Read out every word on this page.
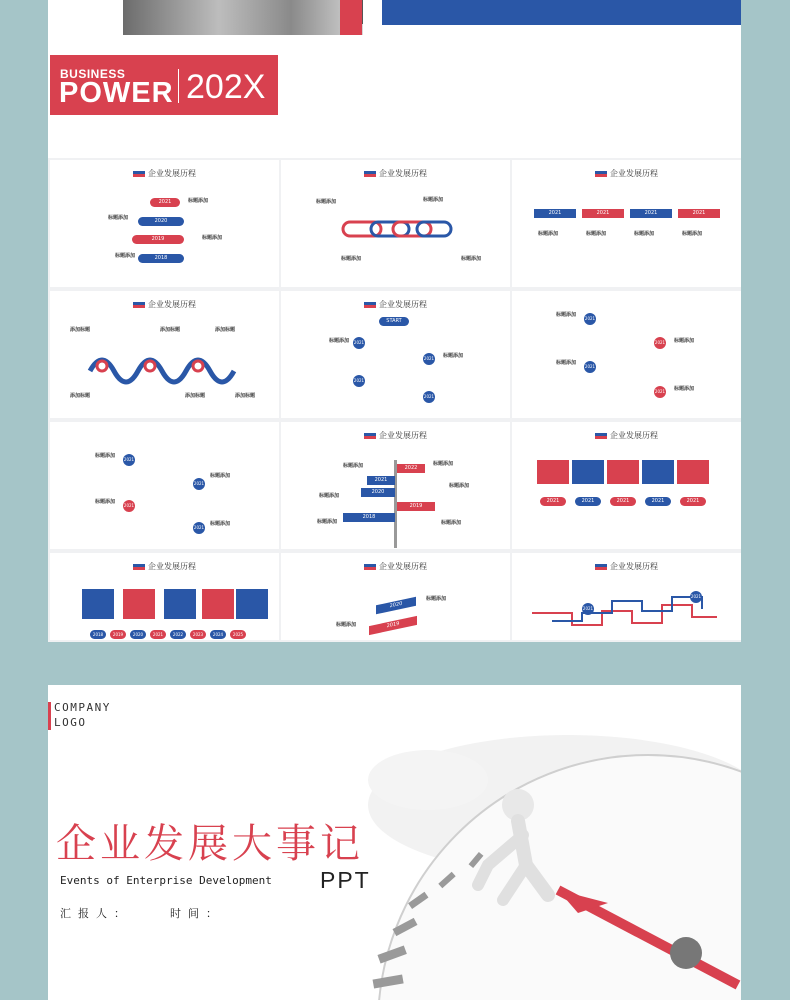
BUSINESS
POWER 202X
企业发展历程
2021
2020
2019
2018
标题添加
标题添加
标题添加
标题添加
企业发展历程
标题添加	标题添加
标题添加	标题添加
企业发展历程
2021	2021	2021	2021
标题添加	标题添加	标题添加	标题添加
企业发展历程
添加标题	添加标题	添加标题
添加标题	添加标题	添加标题
企业发展历程
START
2021
2021
2021
2021
标题添加
标题添加
2021
2021
2021
2021
标题添加
标题添加
标题添加
标题添加
2021
2021
2021
2021
标题添加
标题添加
标题添加
标题添加
企业发展历程
2022
2021
2020
2019
2018
标题添加	标题添加
标题添加
标题添加
标题添加	标题添加
企业发展历程
2021	2021	2021	2021	2021
企业发展历程
2018	2019	2020	2021	2022	2023	2024	2025
企业发展历程
2020
2019
标题添加
标题添加
企业发展历程
2021
2021
COMPANY
LOGO
企业发展大事记
Events of Enterprise Development PPT
汇报人：	时间：
